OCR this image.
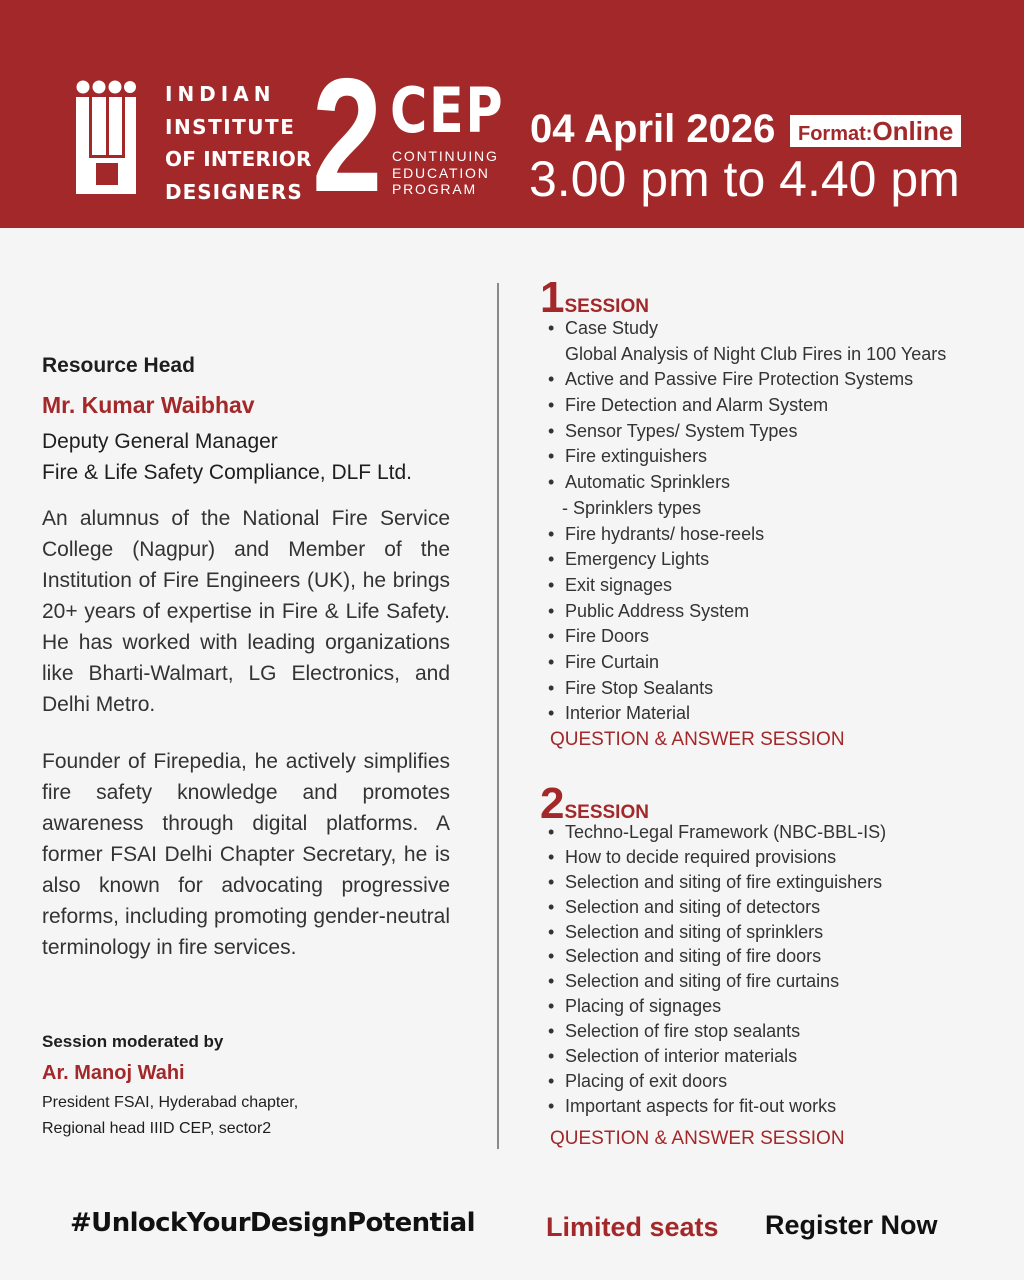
INDIAN
INSTITUTE
OF INTERIOR
DESIGNERS 2 CEP
CONTINUING
EDUCATION
PROGRAM
04 April 2026	Format:Online
3.00 pm to 4.40 pm
Resource Head
Mr. Kumar Waibhav
Deputy General Manager
Fire & Life Safety Compliance, DLF Ltd.

An alumnus of the National Fire Service College (Nagpur) and Member of the Institution of Fire Engineers (UK), he brings 20+ years of expertise in Fire & Life Safety. He has worked with leading organizations like Bharti-Walmart, LG Electronics, and Delhi Metro.

Founder of Firepedia, he actively simplifies fire safety knowledge and promotes awareness through digital platforms. A former FSAI Delhi Chapter Secretary, he is also known for advocating progressive reforms, including promoting gender-neutral terminology in fire services.

Session moderated by
Ar. Manoj Wahi
President FSAI, Hyderabad chapter,
Regional head IIID CEP, sector2
1SESSION
• Case Study
Global Analysis of Night Club Fires in 100 Years
• Active and Passive Fire Protection Systems
• Fire Detection and Alarm System
• Sensor Types/ System Types
• Fire extinguishers
• Automatic Sprinklers
- Sprinklers types
• Fire hydrants/ hose-reels
• Emergency Lights
• Exit signages
• Public Address System
• Fire Doors
• Fire Curtain
• Fire Stop Sealants
• Interior Material
QUESTION & ANSWER SESSION
2SESSION
• Techno-Legal Framework (NBC-BBL-IS)
• How to decide required provisions
• Selection and siting of fire extinguishers
• Selection and siting of detectors
• Selection and siting of sprinklers
• Selection and siting of fire doors
• Selection and siting of fire curtains
• Placing of signages
• Selection of fire stop sealants
• Selection of interior materials
• Placing of exit doors
• Important aspects for fit-out works
QUESTION & ANSWER SESSION
#UnlockYourDesignPotential	Limited seats Register Now
